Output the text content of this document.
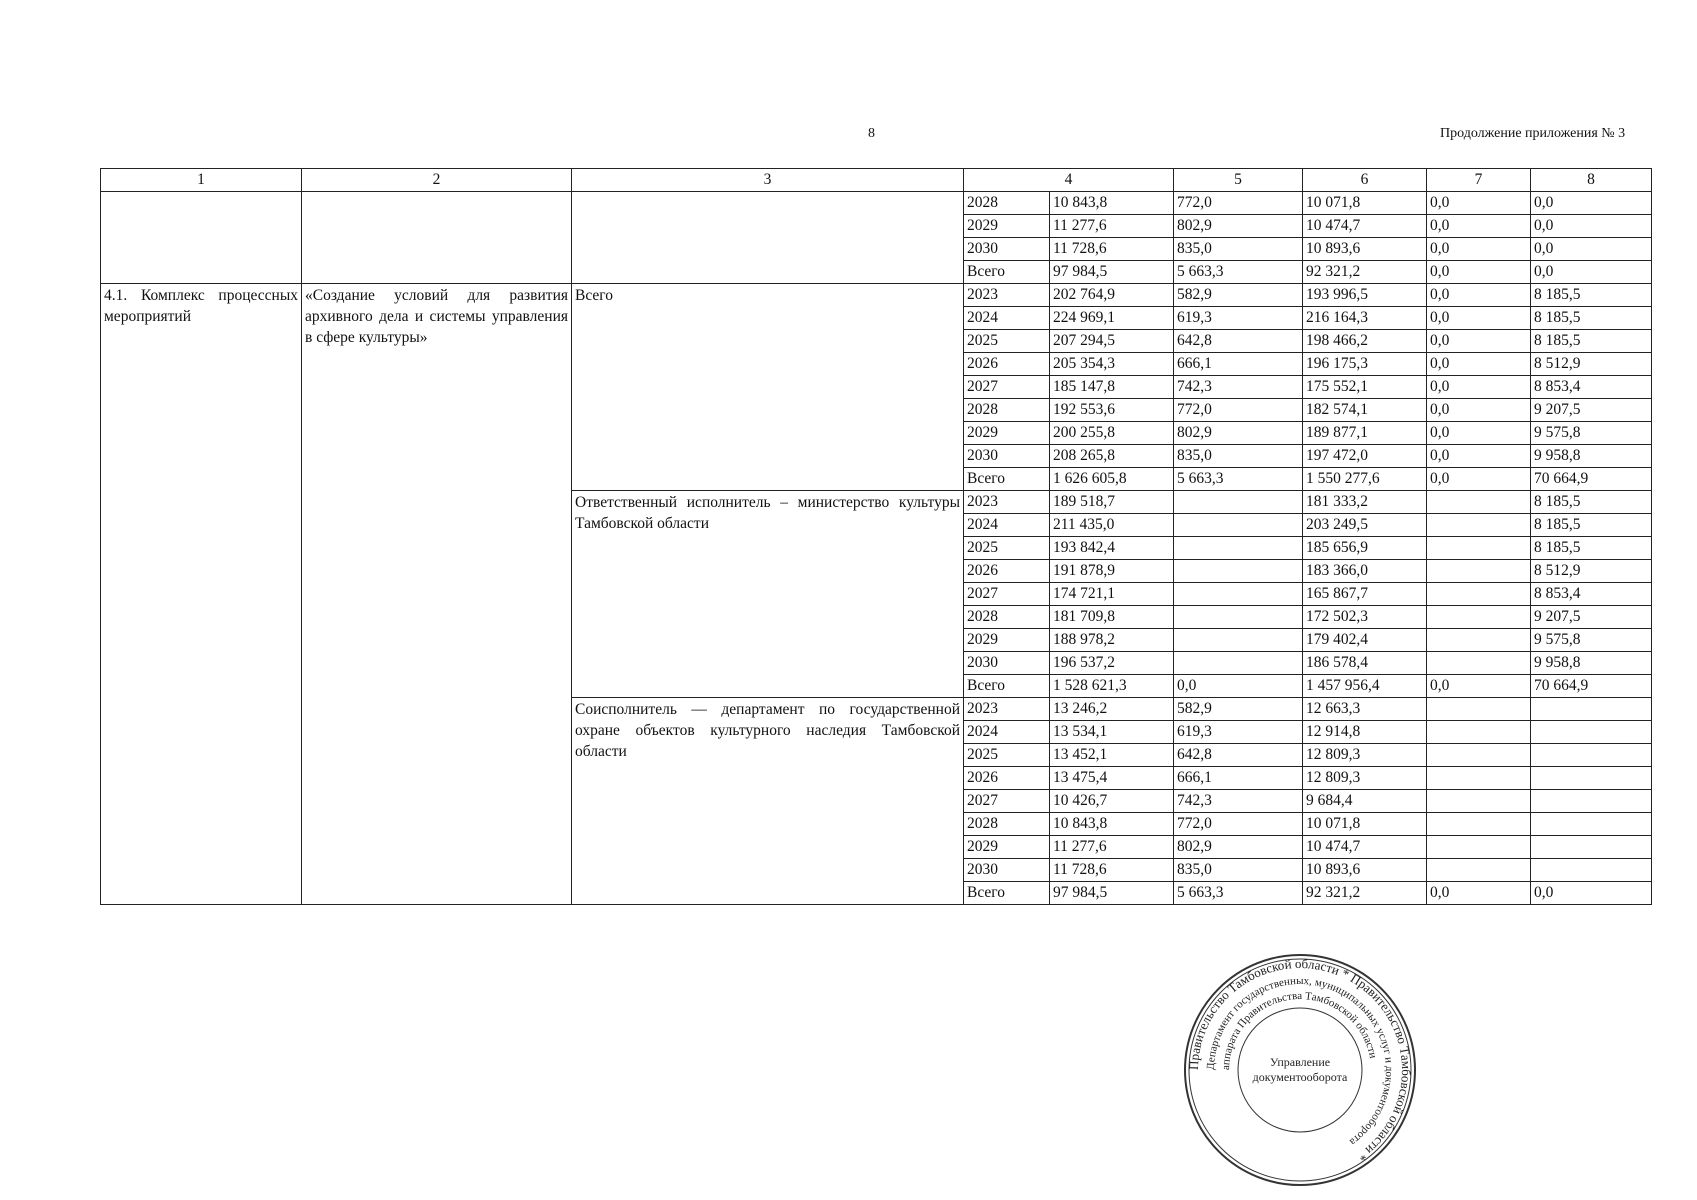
8	Продолжение приложения № 3
1	2	3	4		5	6	7	8
			2028	10 843,8	772,0	10 071,8	0,0	0,0
			2029	11 277,6	802,9	10 474,7	0,0	0,0
			2030	11 728,6	835,0	10 893,6	0,0	0,0
			Всего	97 984,5	5 663,3	92 321,2	0,0	0,0
4.1. Комплекс процессных мероприятий	«Создание условий для развития архивного дела и системы управления в сфере культуры»	Всего	2023	202 764,9	582,9	193 996,5	0,0	8 185,5
			2024	224 969,1	619,3	216 164,3	0,0	8 185,5
			2025	207 294,5	642,8	198 466,2	0,0	8 185,5
			2026	205 354,3	666,1	196 175,3	0,0	8 512,9
			2027	185 147,8	742,3	175 552,1	0,0	8 853,4
			2028	192 553,6	772,0	182 574,1	0,0	9 207,5
			2029	200 255,8	802,9	189 877,1	0,0	9 575,8
			2030	208 265,8	835,0	197 472,0	0,0	9 958,8
			Всего	1 626 605,8	5 663,3	1 550 277,6	0,0	70 664,9
		Ответственный исполнитель – министерство культуры Тамбовской области	2023	189 518,7		181 333,2		8 185,5
			2024	211 435,0		203 249,5		8 185,5
			2025	193 842,4		185 656,9		8 185,5
			2026	191 878,9		183 366,0		8 512,9
			2027	174 721,1		165 867,7		8 853,4
			2028	181 709,8		172 502,3		9 207,5
			2029	188 978,2		179 402,4		9 575,8
			2030	196 537,2		186 578,4		9 958,8
			Всего	1 528 621,3	0,0	1 457 956,4	0,0	70 664,9
		Соисполнитель — департамент по государственной охране объектов культурного наследия Тамбовской области	2023	13 246,2	582,9	12 663,3		
			2024	13 534,1	619,3	12 914,8		
			2025	13 452,1	642,8	12 809,3		
			2026	13 475,4	666,1	12 809,3		
			2027	10 426,7	742,3	9 684,4		
			2028	10 843,8	772,0	10 071,8		
			2029	11 277,6	802,9	10 474,7		
			2030	11 728,6	835,0	10 893,6		
			Всего	97 984,5	5 663,3	92 321,2	0,0	0,0
Правительство Тамбовской области * Правительство Тамбовской области *
Департамент государственных, муниципальных услуг и документооборота
аппарата Правительства Тамбовской области
Управление
документооборота
